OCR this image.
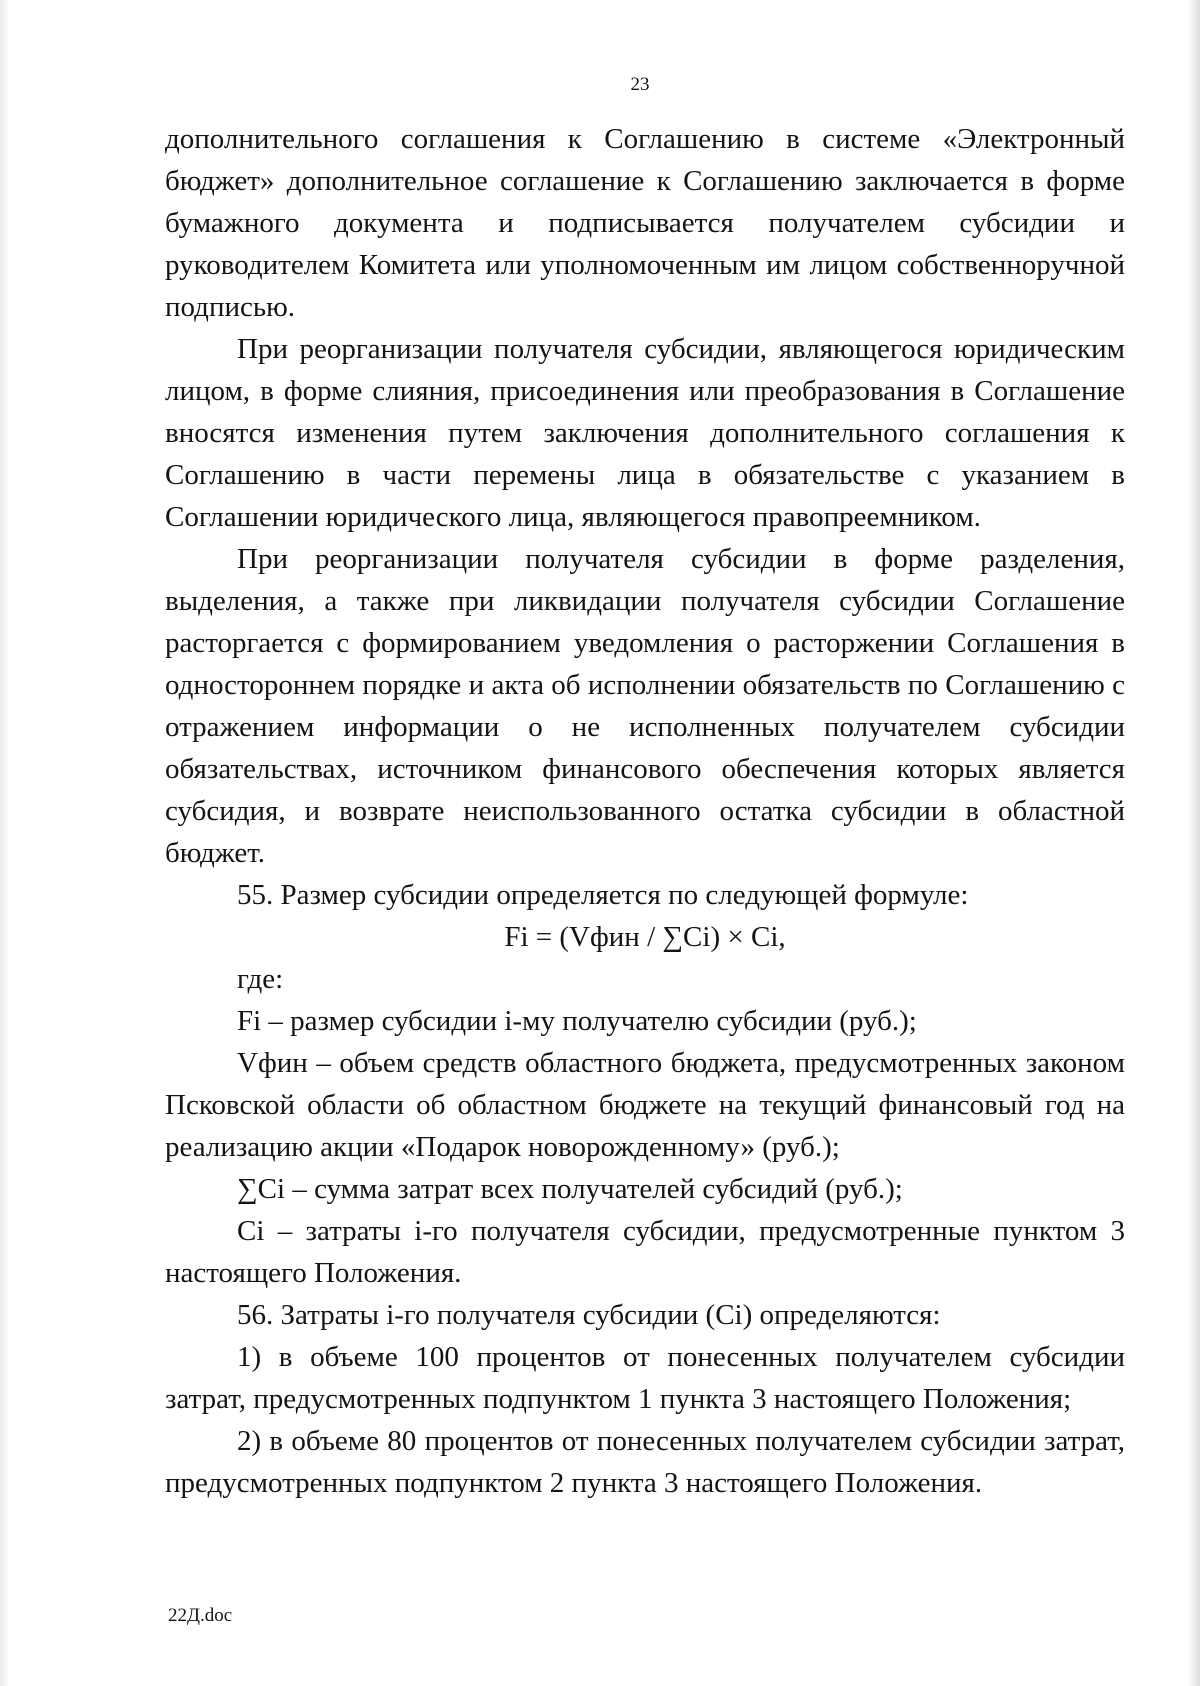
23

дополнительного соглашения к Соглашению в системе «Электронный бюджет» дополнительное соглашение к Соглашению заключается в форме бумажного документа и подписывается получателем субсидии и руководителем Комитета или уполномоченным им лицом собственноручной подписью.

При реорганизации получателя субсидии, являющегося юридическим лицом, в форме слияния, присоединения или преобразования в Соглашение вносятся изменения путем заключения дополнительного соглашения к Соглашению в части перемены лица в обязательстве с указанием в Соглашении юридического лица, являющегося правопреемником.

При реорганизации получателя субсидии в форме разделения, выделения, а также при ликвидации получателя субсидии Соглашение расторгается с формированием уведомления о расторжении Соглашения в одностороннем порядке и акта об исполнении обязательств по Соглашению с отражением информации о не исполненных получателем субсидии обязательствах, источником финансового обеспечения которых является субсидия, и возврате неиспользованного остатка субсидии в областной бюджет.

55. Размер субсидии определяется по следующей формуле:

Fi = (Vфин / ∑Ci) × Ci,

где:

Fi – размер субсидии i-му получателю субсидии (руб.);

Vфин – объем средств областного бюджета, предусмотренных законом Псковской области об областном бюджете на текущий финансовый год на реализацию акции «Подарок новорожденному» (руб.);

∑Ci – сумма затрат всех получателей субсидий (руб.);

Ci – затраты i-го получателя субсидии, предусмотренные пунктом 3 настоящего Положения.

56. Затраты i-го получателя субсидии (Ci) определяются:

1) в объеме 100 процентов от понесенных получателем субсидии затрат, предусмотренных подпунктом 1 пункта 3 настоящего Положения;

2) в объеме 80 процентов от понесенных получателем субсидии затрат, предусмотренных подпунктом 2 пункта 3 настоящего Положения.

22Д.doc
